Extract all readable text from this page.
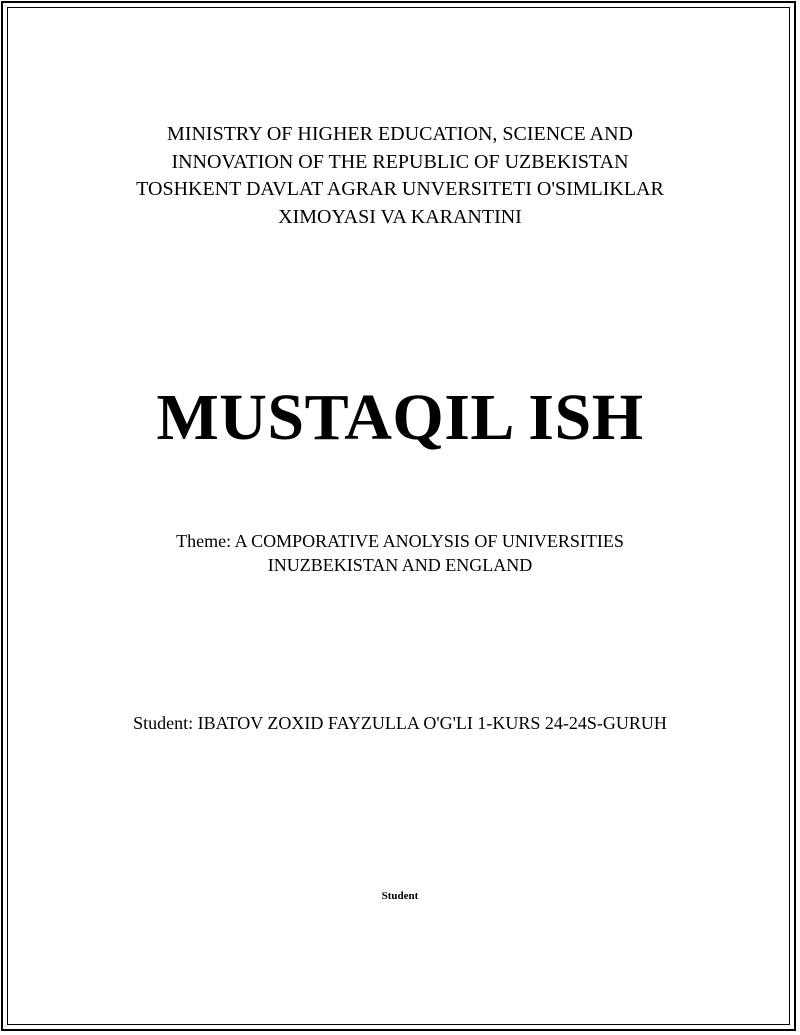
MINISTRY OF HIGHER EDUCATION, SCIENCE AND
INNOVATION OF THE REPUBLIC OF UZBEKISTAN
TOSHKENT DAVLAT AGRAR UNVERSITETI O'SIMLIKLAR
XIMOYASI VA KARANTINI
MUSTAQIL ISH
Theme: A COMPORATIVE ANOLYSIS OF UNIVERSITIES
INUZBEKISTAN AND ENGLAND
Student: IBATOV ZOXID FAYZULLA O'G'LI 1-KURS 24-24S-GURUH
Student
